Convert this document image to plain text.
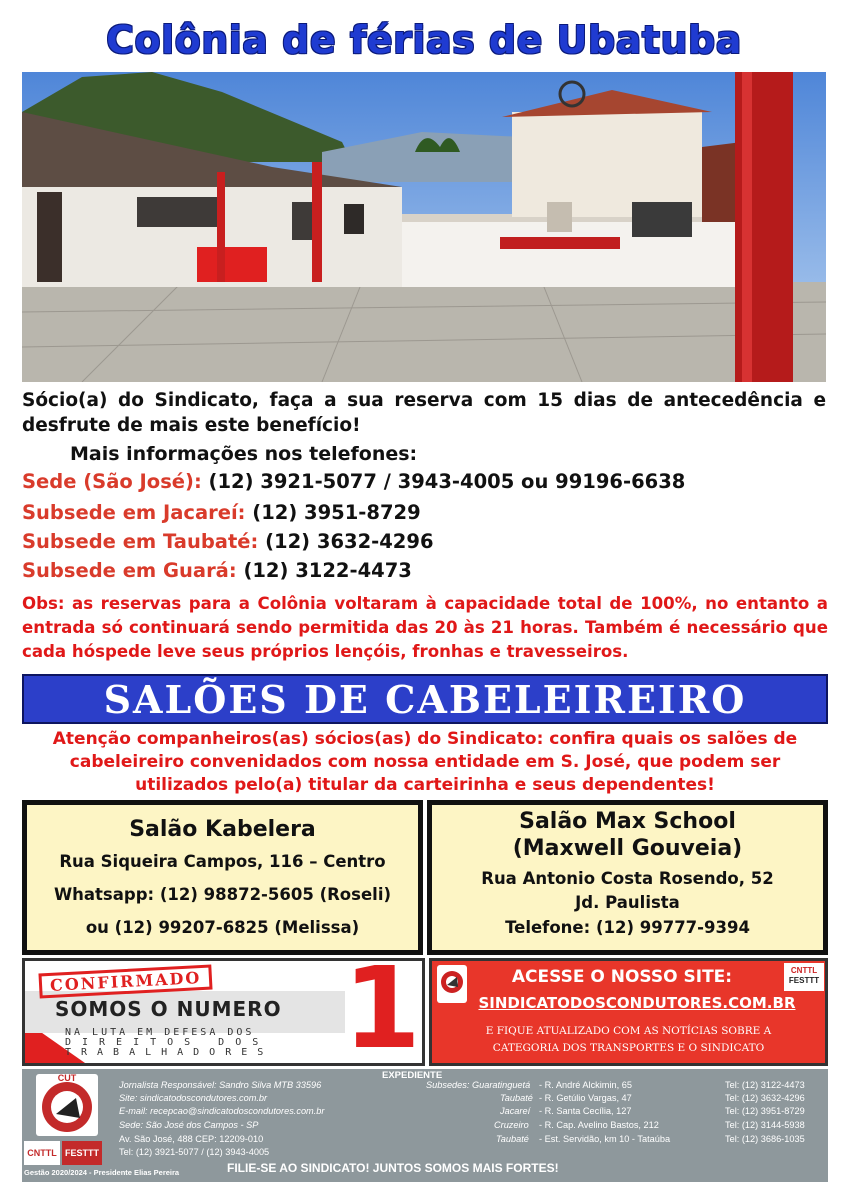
Colônia de férias de Ubatuba
Sócio(a) do Sindicato, faça a sua reserva com 15 dias de antecedência e desfrute de mais este benefício!
Mais informações nos telefones:
Sede (São José): (12) 3921-5077 / 3943-4005 ou 99196-6638
Subsede em Jacareí: (12) 3951-8729
Subsede em Taubaté: (12) 3632-4296
Subsede em Guará: (12) 3122-4473
Obs: as reservas para a Colônia voltaram à capacidade total de 100%, no entanto a entrada só continuará sendo permitida das 20 às 21 horas. Também é necessário que cada hóspede leve seus próprios lençóis, fronhas e travesseiros.
SALÕES DE CABELEIREIRO
Atenção companheiros(as) sócios(as) do Sindicato: confira quais os salões de cabeleireiro convenidados com nossa entidade em S. José, que podem ser utilizados pelo(a) titular da carteirinha e seus dependentes!
Salão Kabelera
Rua Siqueira Campos, 116 – Centro
Whatsapp: (12) 98872-5605 (Roseli)
ou (12) 99207-6825 (Melissa)
Salão Max School
(Maxwell Gouveia)
Rua Antonio Costa Rosendo, 52
Jd. Paulista
Telefone: (12) 99777-9394
CONFIRMADO
SOMOS O NUMERO 1
NA LUTA EM DEFESA DOS
DIREITOS DOS
TRABALHADORES
ACESSE O NOSSO SITE:	CNTTL
FESTTT
SINDICATODOSCONDUTORES.COM.BR
E FIQUE ATUALIZADO COM AS NOTÍCIAS SOBRE A
CATEGORIA DOS TRANSPORTES E O SINDICATO
CUT
CNTTL FESTTT
Gestão 2020/2024 - Presidente Elias Pereira
EXPEDIENTE
Jornalista Responsável: Sandro Silva MTB 33596
Site: sindicatodoscondutores.com.br
E-mail: recepcao@sindicatodoscondutores.com.br
Sede: São José dos Campos - SP
Av. São José, 488 CEP: 12209-010
Tel: (12) 3921-5077 / (12) 3943-4005
Subsedes: Guaratinguetá - R. André Alckimin, 65	Tel: (12) 3122-4473
Taubaté - R. Getúlio Vargas, 47	Tel: (12) 3632-4296
Jacareí - R. Santa Cecília, 127	Tel: (12) 3951-8729
Cruzeiro - R. Cap. Avelino Bastos, 212	Tel: (12) 3144-5938
Taubaté - Est. Servidão, km 10 - Tataúba	Tel: (12) 3686-1035
FILIE-SE AO SINDICATO! JUNTOS SOMOS MAIS FORTES!
